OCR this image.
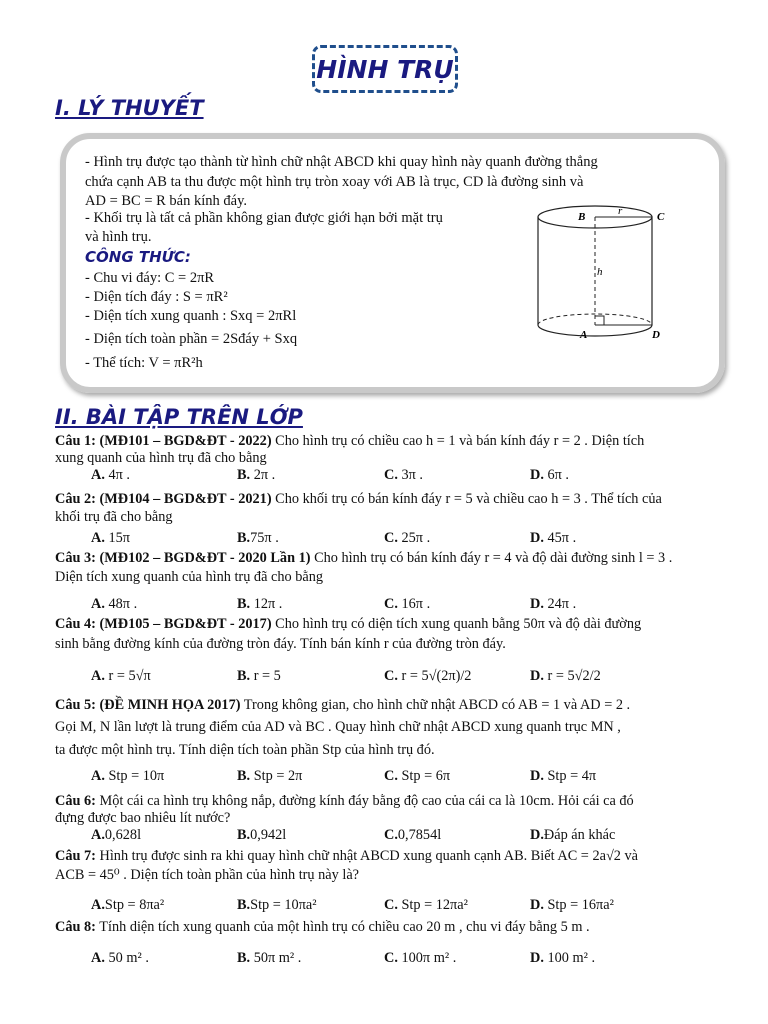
HÌNH TRỤ
I. LÝ THUYẾT
- Hình trụ được tạo thành từ hình chữ nhật ABCD khi quay hình này quanh đường thẳng
chứa cạnh AB ta thu được một hình trụ tròn xoay với AB là trục, CD là đường sinh và
AD = BC = R bán kính đáy.
- Khối trụ là tất cả phần không gian được giới hạn bởi mặt trụ
và hình trụ.
CÔNG THỨC:
- Chu vi đáy: C = 2πR
- Diện tích đáy : S = πR²
- Diện tích xung quanh : Sxq = 2πRl
- Diện tích toàn phần = 2Sđáy + Sxq
- Thể tích: V = πR²h
B	C
r
h
A	D
II. BÀI TẬP TRÊN LỚP
Câu 1: (MĐ101 – BGD&ĐT - 2022) Cho hình trụ có chiều cao h = 1 và bán kính đáy r = 2 . Diện tích
xung quanh của hình trụ đã cho bằng
A. 4π .	B. 2π .	C. 3π .	D. 6π .
Câu 2: (MĐ104 – BGD&ĐT - 2021) Cho khối trụ có bán kính đáy r = 5 và chiều cao h = 3 . Thể tích của
khối trụ đã cho bằng
A. 15π	B.75π .	C. 25π .	D. 45π .
Câu 3: (MĐ102 – BGD&ĐT - 2020 Lần 1) Cho hình trụ có bán kính đáy r = 4 và độ dài đường sinh l = 3 .
Diện tích xung quanh của hình trụ đã cho bằng
A. 48π .	B. 12π .	C. 16π .	D. 24π .
Câu 4: (MĐ105 – BGD&ĐT - 2017) Cho hình trụ có diện tích xung quanh bằng 50π và độ dài đường
sinh bằng đường kính của đường tròn đáy. Tính bán kính r của đường tròn đáy.
A. r = 5√π	B. r = 5	C. r = 5√(2π)/2	D. r = 5√2/2
Câu 5: (ĐỀ MINH HỌA 2017) Trong không gian, cho hình chữ nhật ABCD có AB = 1 và AD = 2 .
Gọi M, N lần lượt là trung điểm của AD và BC . Quay hình chữ nhật ABCD xung quanh trục MN ,
ta được một hình trụ. Tính diện tích toàn phần Stp của hình trụ đó.
A. Stp = 10π	B. Stp = 2π	C. Stp = 6π	D. Stp = 4π
Câu 6: Một cái ca hình trụ không nắp, đường kính đáy bằng độ cao của cái ca là 10cm. Hỏi cái ca đó
đựng được bao nhiêu lít nước?
A.0,628l	B.0,942l	C.0,7854l	D.Đáp án khác
Câu 7: Hình trụ được sinh ra khi quay hình chữ nhật ABCD xung quanh cạnh AB. Biết AC = 2a√2 và
ACB = 45⁰ . Diện tích toàn phần của hình trụ này là?
A.Stp = 8πa²	B.Stp = 10πa²	C. Stp = 12πa²	D. Stp = 16πa²
Câu 8: Tính diện tích xung quanh của một hình trụ có chiều cao 20 m , chu vi đáy bằng 5 m .
A. 50 m² .	B. 50π m² .	C. 100π m² .	D. 100 m² .
